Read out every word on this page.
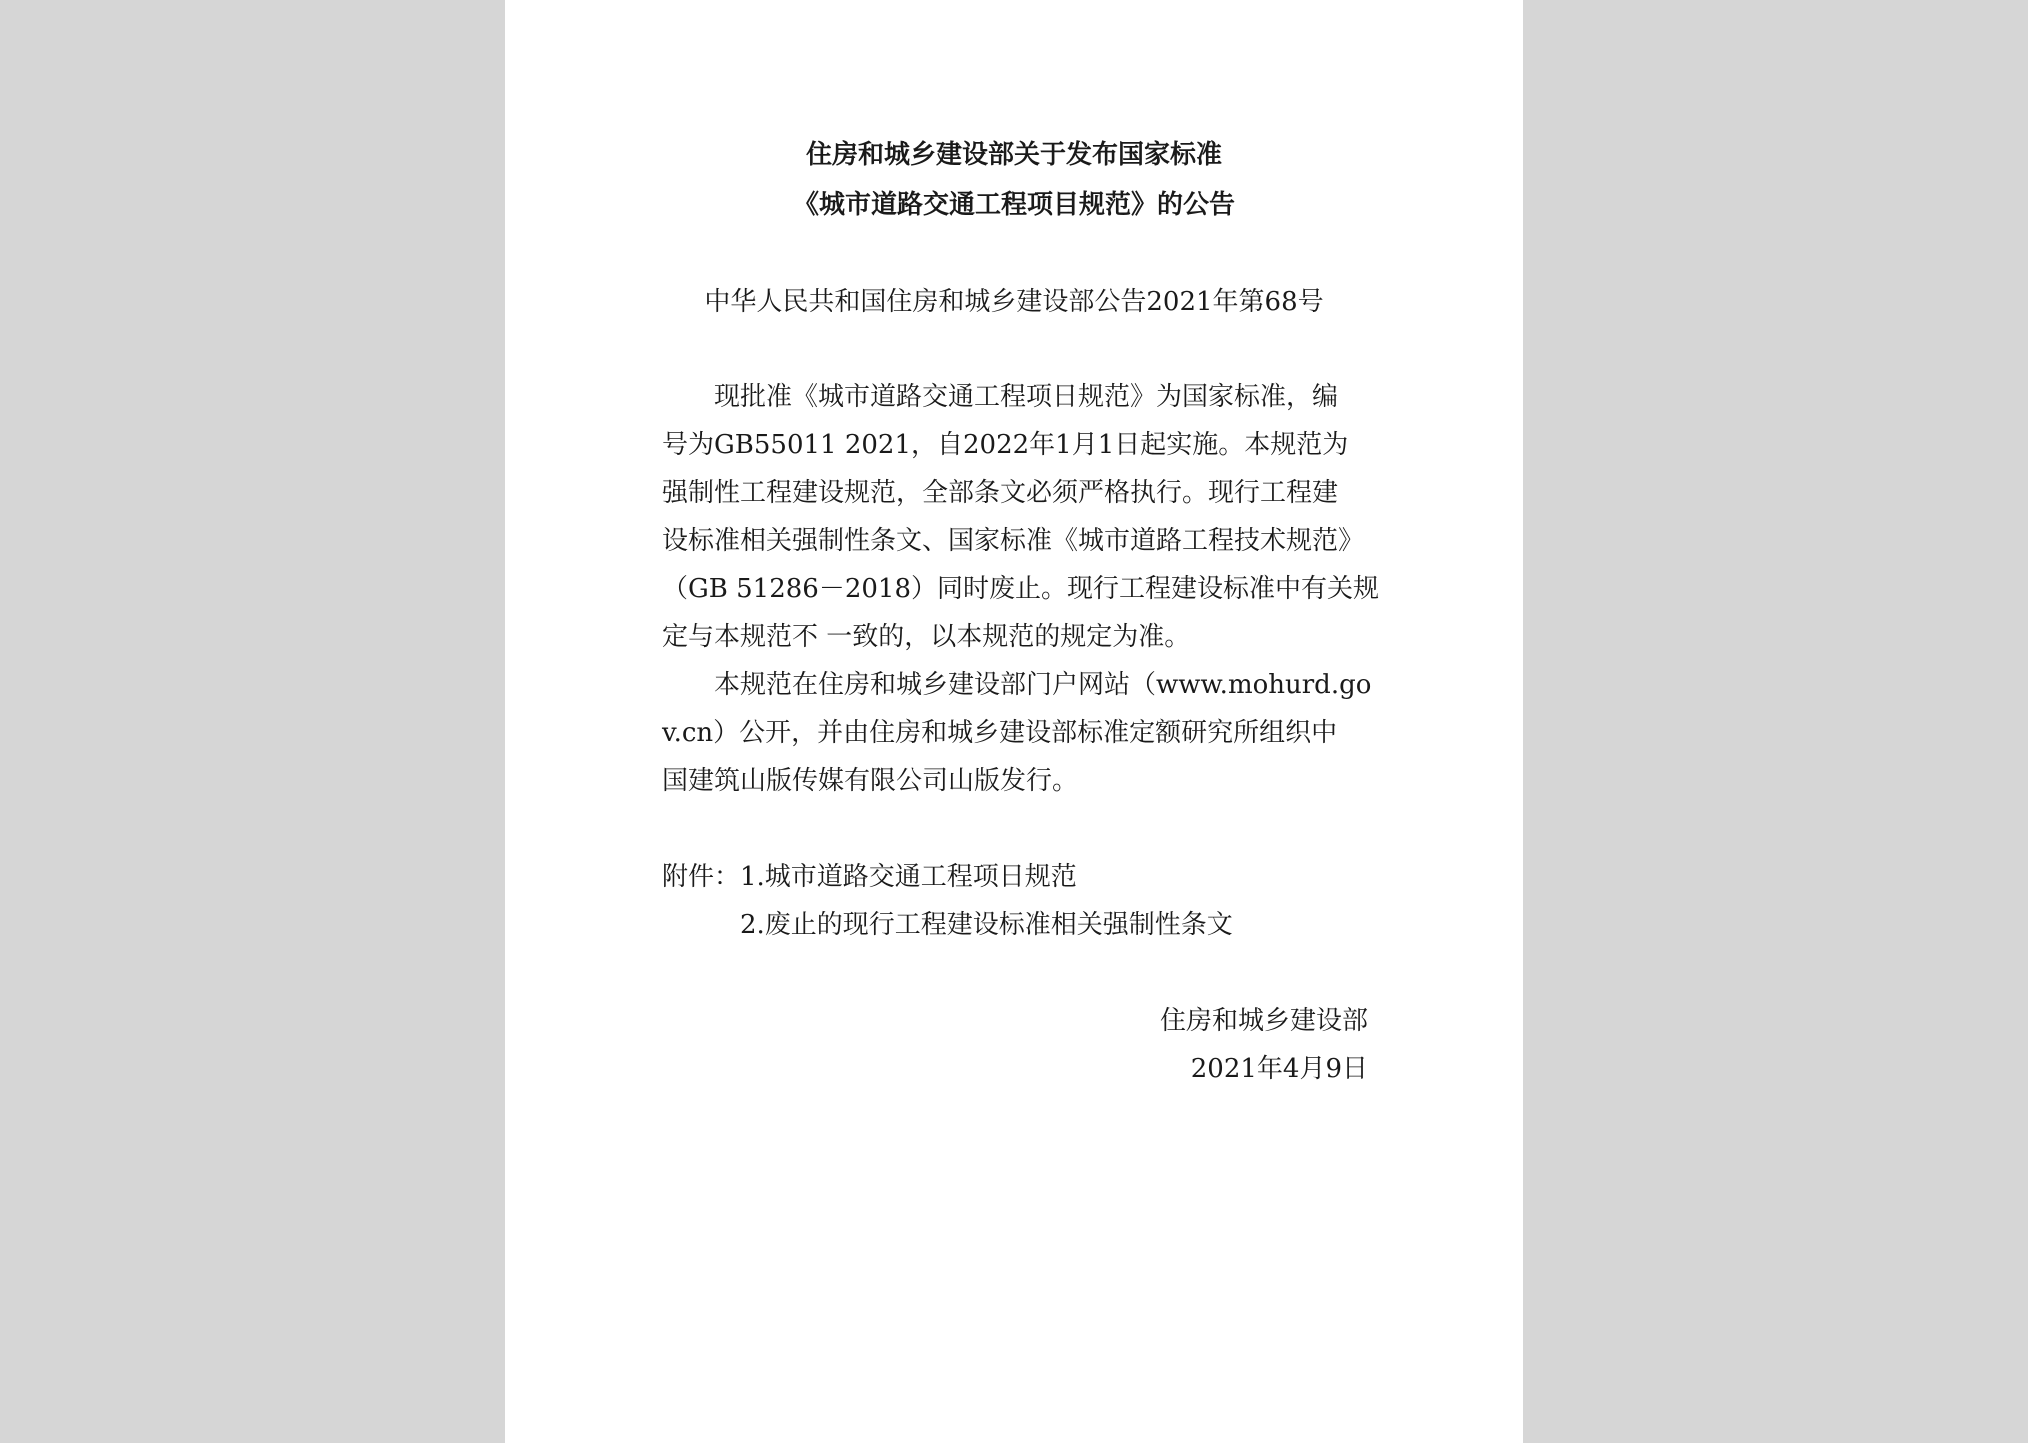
住房和城乡建设部关于发布国家标准
《城市道路交通工程项目规范》的公告
中华人民共和国住房和城乡建设部公告2021年第68号
现批准《城市道路交通工程项日规范》为国家标准，编
号为GB55011 2021，自2022年1月1日起实施。本规范为
强制性工程建设规范，全部条文必须严格执行。现行工程建
设标准相关强制性条文、国家标准《城市道路工程技术规范》
（GB 51286－2018）同时废止。现行工程建设标准中有关规
定与本规范不 一致的，以本规范的规定为准。
本规范在住房和城乡建设部门户网站（www.mohurd.go
v.cn）公开，并由住房和城乡建设部标准定额研究所组织中
国建筑山版传媒有限公司山版发行。
附件： 1.城市道路交通工程项日规范
2.废止的现行工程建设标准相关强制性条文
住房和城乡建设部
2021年4月9日
